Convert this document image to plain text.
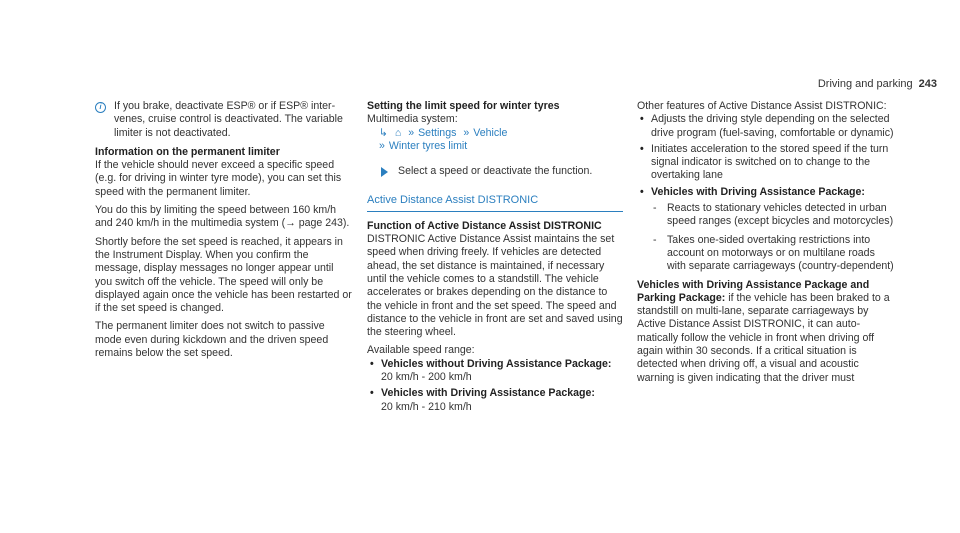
Driving and parking 243
i	If you brake, deactivate ESP® or if ESP® intervenes, cruise control is deactivated. The variable limiter is not deactivated.
Information on the permanent limiter

If the vehicle should never exceed a specific speed (e.g. for driving in winter tyre mode), you can set this speed with the permanent limiter.

You do this by limiting the speed between 160 km/h and 240 km/h in the multimedia system (→ page 243).

Shortly before the set speed is reached, it appears in the Instrument Display. When you confirm the message, display messages no longer appear until you switch off the vehicle. The speed will only be displayed again once the vehicle has been restarted or if the set speed is changed.

The permanent limiter does not switch to passive mode even during kickdown and the driven speed remains below the set speed.

Setting the limit speed for winter tyres
Multimedia system:
↳ ⌂ » Settings » Vehicle
» Winter tyres limit
Select a speed or deactivate the function.
Active Distance Assist DISTRONIC
Function of Active Distance Assist DISTRONIC

DISTRONIC Active Distance Assist maintains the set speed when driving freely. If vehicles are detected ahead, the set distance is maintained, if necessary until the vehicle comes to a standstill. The vehicle accelerates or brakes depending on the distance to the vehicle in front and the set speed. The speed and distance to the vehicle in front are set and saved using the steering wheel.

Available speed range:
• Vehicles without Driving Assistance Package:
20 km/h - 200 km/h
• Vehicles with Driving Assistance Package:
20 km/h - 210 km/h
Other features of Active Distance Assist DISTRONIC:
• Adjusts the driving style depending on the selected drive program (fuel-saving, comfortable or dynamic)
• Initiates acceleration to the stored speed if the turn signal indicator is switched on to change to the overtaking lane
• Vehicles with Driving Assistance Package:
- Reacts to stationary vehicles detected in urban speed ranges (except bicycles and motorcycles)
- Takes one-sided overtaking restrictions into account on motorways or on multilane roads with separate carriageways (country-dependent)

Vehicles with Driving Assistance Package and Parking Package: if the vehicle has been braked to a standstill on multi-lane, separate carriageways by Active Distance Assist DISTRONIC, it can automatically follow the vehicle in front when driving off again within 30 seconds. If a critical situation is detected when driving off, a visual and acoustic warning is given indicating that the driver must
